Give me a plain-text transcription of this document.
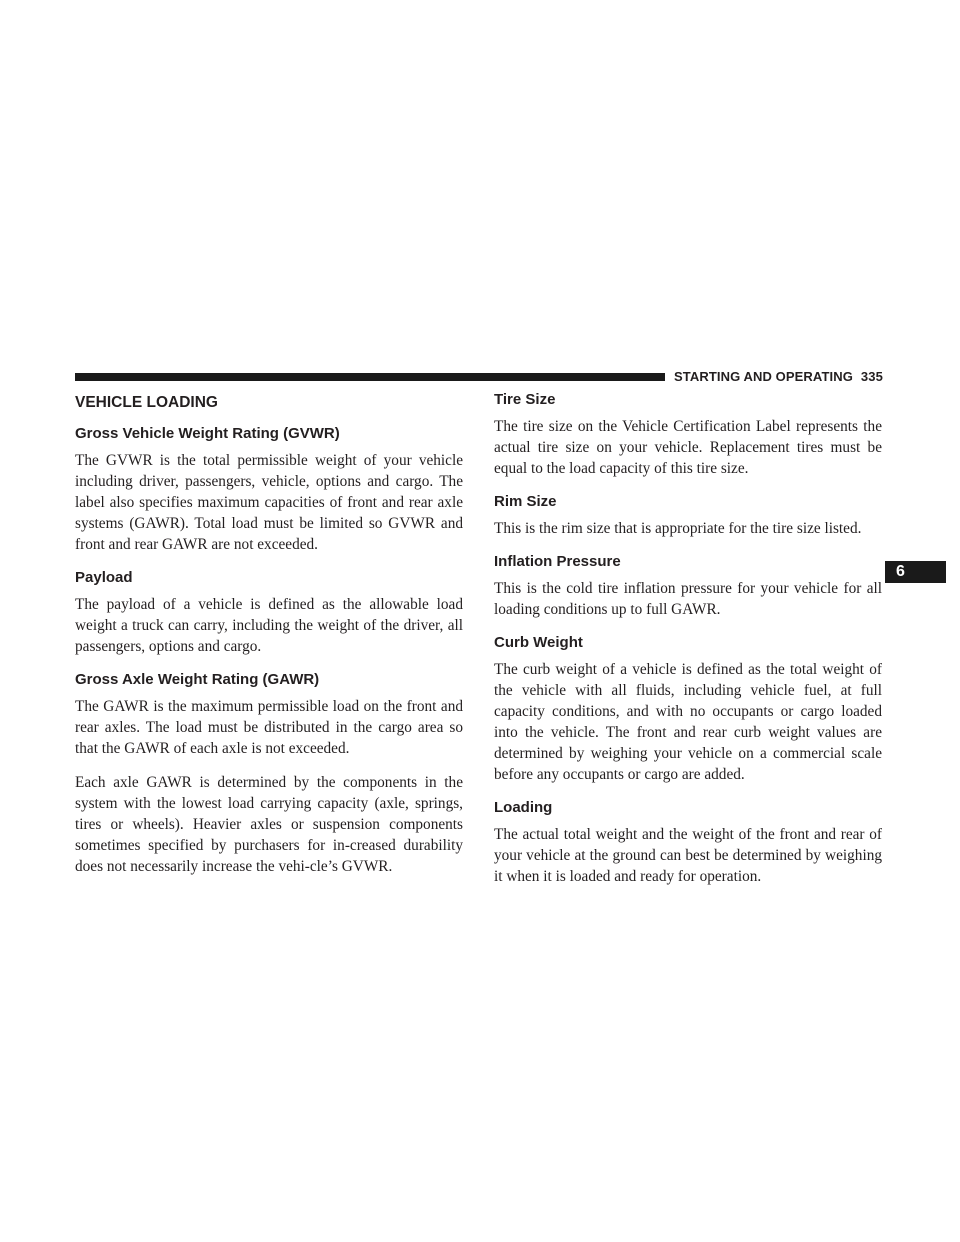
STARTING AND OPERATING 335
6
VEHICLE LOADING
Gross Vehicle Weight Rating (GVWR)

The GVWR is the total permissible weight of your vehicle including driver, passengers, vehicle, options and cargo. The label also specifies maximum capacities of front and rear axle systems (GAWR). Total load must be limited so GVWR and front and rear GAWR are not exceeded.

Payload

The payload of a vehicle is defined as the allowable load weight a truck can carry, including the weight of the driver, all passengers, options and cargo.

Gross Axle Weight Rating (GAWR)

The GAWR is the maximum permissible load on the front and rear axles. The load must be distributed in the cargo area so that the GAWR of each axle is not exceeded.

Each axle GAWR is determined by the components in the system with the lowest load carrying capacity (axle, springs, tires or wheels). Heavier axles or suspension components sometimes specified by purchasers for in-creased durability does not necessarily increase the vehi-cle’s GVWR.

Tire Size

The tire size on the Vehicle Certification Label represents the actual tire size on your vehicle. Replacement tires must be equal to the load capacity of this tire size.

Rim Size

This is the rim size that is appropriate for the tire size listed.

Inflation Pressure

This is the cold tire inflation pressure for your vehicle for all loading conditions up to full GAWR.

Curb Weight

The curb weight of a vehicle is defined as the total weight of the vehicle with all fluids, including vehicle fuel, at full capacity conditions, and with no occupants or cargo loaded into the vehicle. The front and rear curb weight values are determined by weighing your vehicle on a commercial scale before any occupants or cargo are added.

Loading

The actual total weight and the weight of the front and rear of your vehicle at the ground can best be determined by weighing it when it is loaded and ready for operation.
